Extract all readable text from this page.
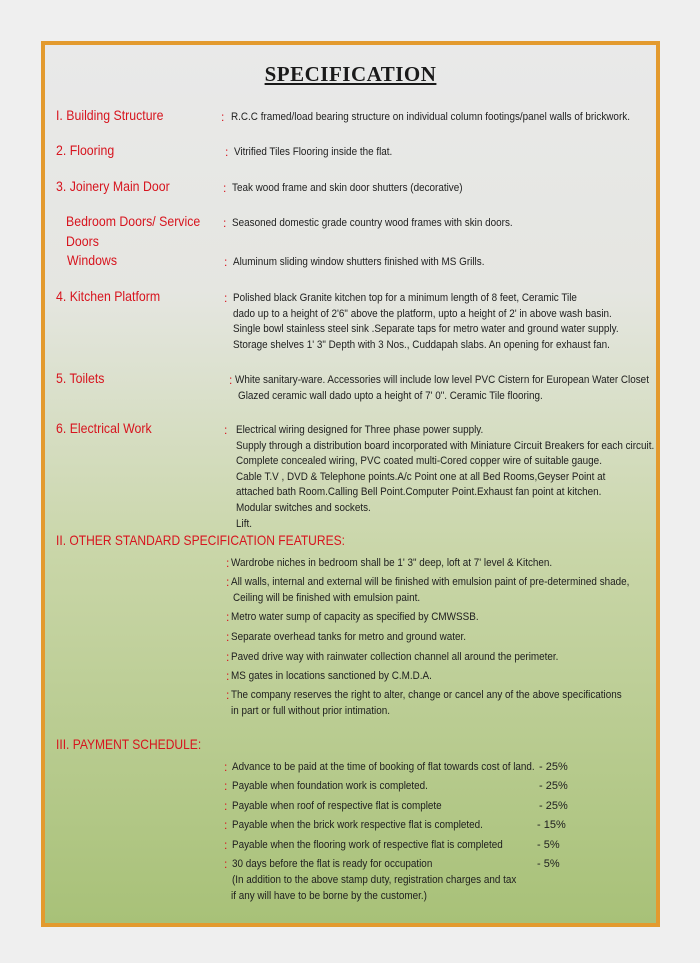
SPECIFICATION
I. Building Structure	: R.C.C framed/load bearing structure on individual column footings/panel walls of brickwork.
2. Flooring	: Vitrified Tiles Flooring inside the flat.
3. Joinery Main Door	: Teak wood frame and skin door shutters (decorative)
Bedroom Doors/ Service
Doors
: Seasoned domestic grade country wood frames with skin doors.
Windows	: Aluminum sliding window shutters finished with MS Grills.
4. Kitchen Platform	: Polished black Granite kitchen top for a minimum length of 8 feet, Ceramic Tile
dado up to a height of 2'6" above the platform, upto a height of 2' in above wash basin.
Single bowl stainless steel sink .Separate taps for metro water and ground water supply.
Storage shelves 1' 3" Depth with 3 Nos., Cuddapah slabs. An opening for exhaust fan.
5. Toilets	: White sanitary-ware. Accessories will include low level PVC Cistern for European Water Closet
Glazed ceramic wall dado upto a height of 7' 0". Ceramic Tile flooring.
6. Electrical Work	: Electrical wiring designed for Three phase power supply.
Supply through a distribution board incorporated with Miniature Circuit Breakers for each circuit.
Complete concealed wiring, PVC coated multi-Cored copper wire of suitable gauge.
Cable T.V , DVD & Telephone points.A/c Point one at all Bed Rooms,Geyser Point at
attached bath Room.Calling Bell Point.Computer Point.Exhaust fan point at kitchen.
Modular switches and sockets.
Lift.
II. OTHER STANDARD SPECIFICATION FEATURES:
: Wardrobe niches in bedroom shall be 1' 3" deep, loft at 7' level & Kitchen.
: All walls, internal and external will be finished with emulsion paint of pre-determined shade,
Ceiling will be finished with emulsion paint.
: Metro water sump of capacity as specified by CMWSSB.
: Separate overhead tanks for metro and ground water.
: Paved drive way with rainwater collection channel all around the perimeter.
: MS gates in locations sanctioned by C.M.D.A.
: The company reserves the right to alter, change or cancel any of the above specifications
in part or full without prior intimation.
III. PAYMENT SCHEDULE:
: Advance to be paid at the time of booking of flat towards cost of land. - 25%
: Payable when foundation work is completed.	- 25%
: Payable when roof of respective flat is complete	- 25%
: Payable when the brick work respective flat is completed.	- 15%
: Payable when the flooring work of respective flat is completed	- 5%
: 30 days before the flat is ready for occupation	- 5%
(In addition to the above stamp duty, registration charges and tax
if any will have to be borne by the customer.)
